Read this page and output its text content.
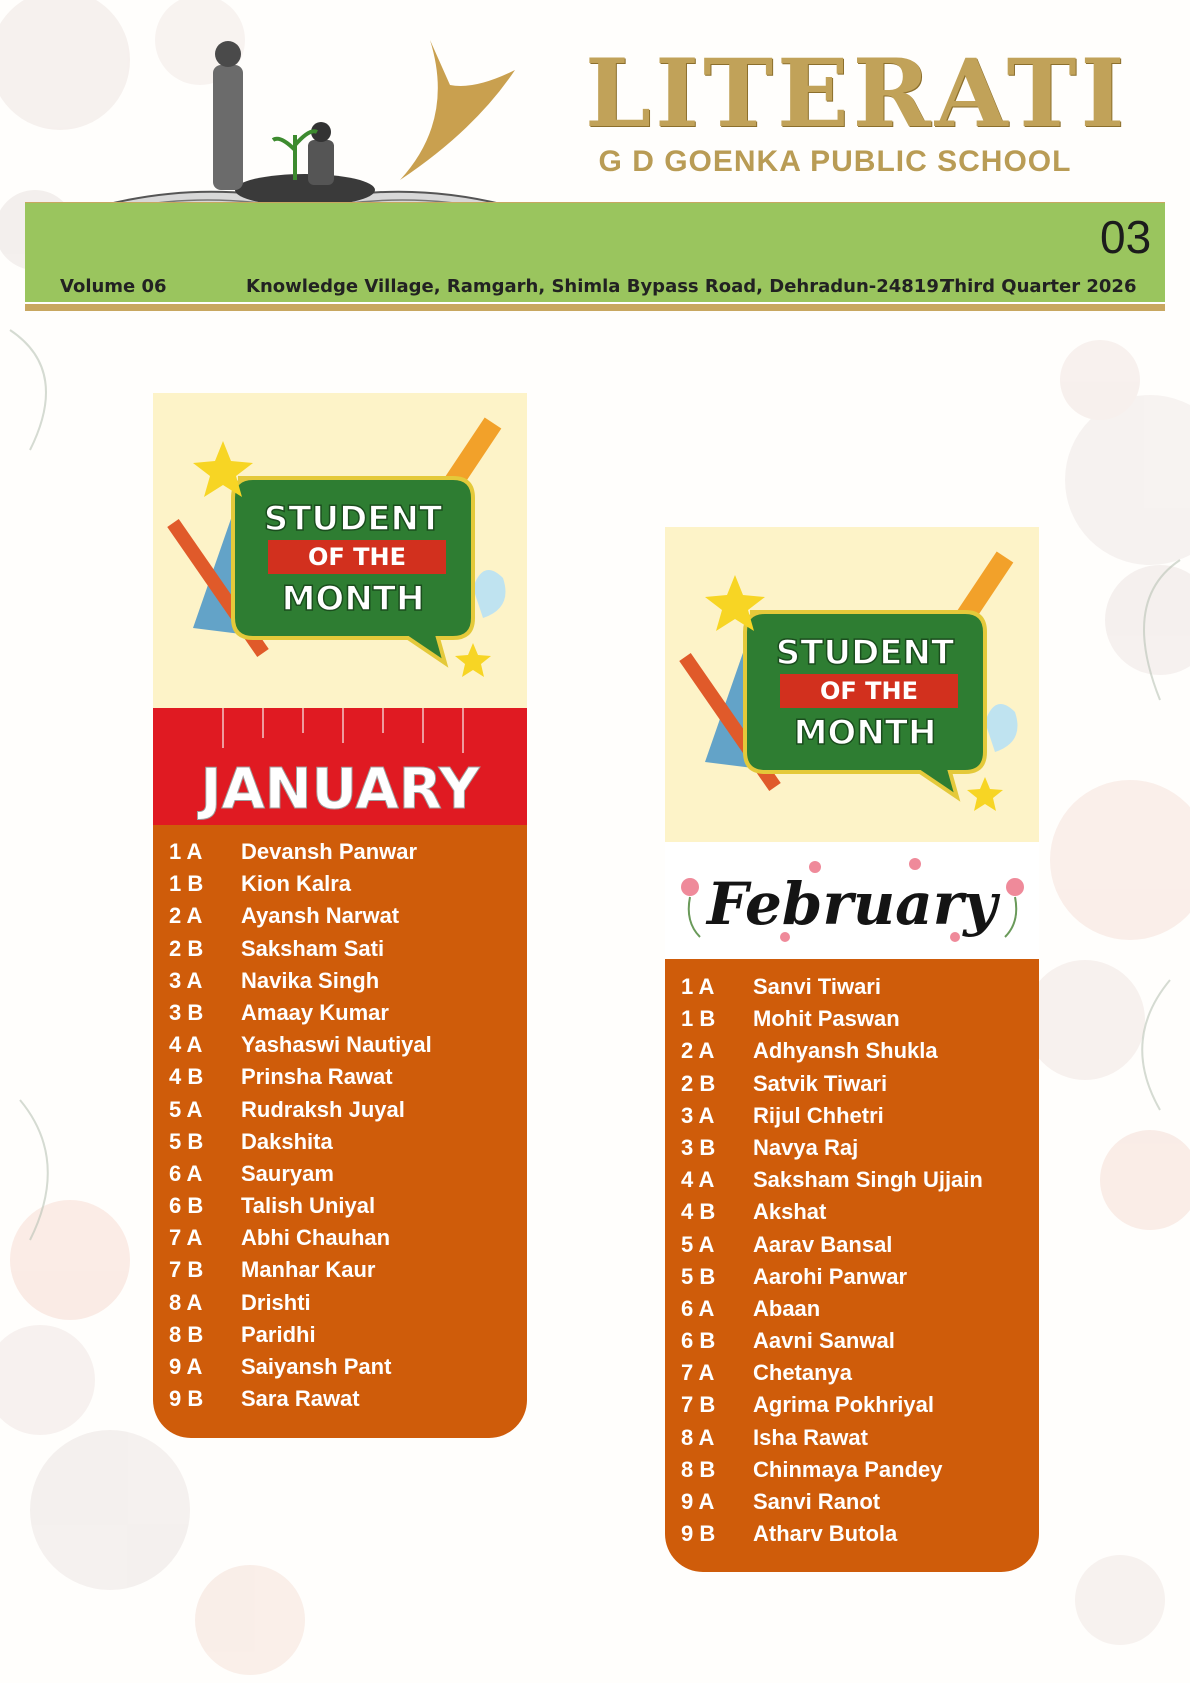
LITERATI
G D GOENKA PUBLIC SCHOOL
03
Volume 06	Knowledge Village, Ramgarh, Shimla Bypass Road, Dehradun-248197
Third Quarter 2026
STUDENT
OF THE
MONTH
JANUARY
1 A Devansh Panwar
1 B Kion Kalra
2 A Ayansh Narwat
2 B Saksham Sati
3 A Navika Singh
3 B Amaay Kumar
4 A Yashaswi Nautiyal
4 B Prinsha Rawat
5 A Rudraksh Juyal
5 B Dakshita
6 A Sauryam
6 B Talish Uniyal
7 A Abhi Chauhan
7 B Manhar Kaur
8 A Drishti
8 B Paridhi
9 A Saiyansh Pant
9 B Sara Rawat
STUDENT
OF THE
MONTH
February
1 A Sanvi Tiwari
1 B Mohit Paswan
2 A Adhyansh Shukla
2 B Satvik Tiwari
3 A Rijul Chhetri
3 B Navya Raj
4 A Saksham Singh Ujjain
4 B Akshat
5 A Aarav Bansal
5 B Aarohi Panwar
6 A Abaan
6 B Aavni Sanwal
7 A Chetanya
7 B Agrima Pokhriyal
8 A Isha Rawat
8 B Chinmaya Pandey
9 A Sanvi Ranot
9 B Atharv Butola
